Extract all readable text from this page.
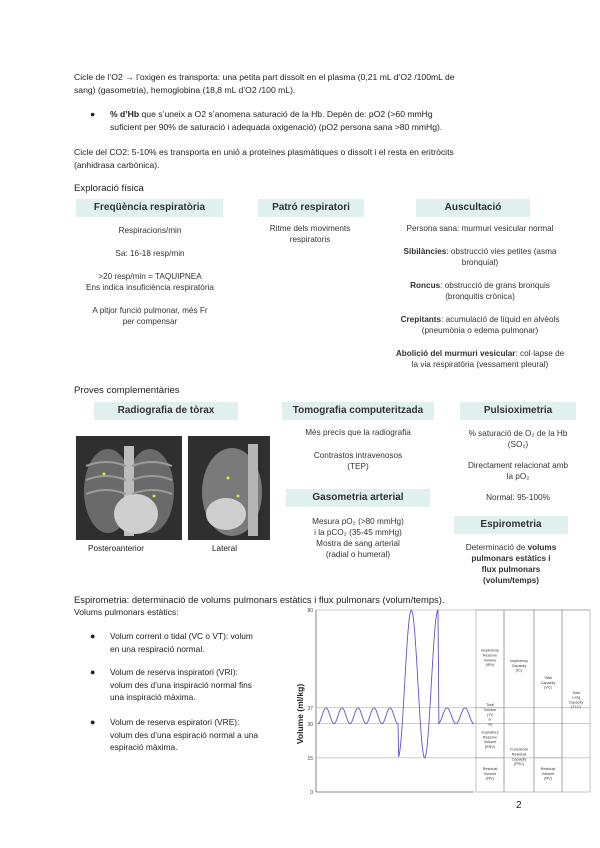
Cicle de l’O2 → l’oxigen es transporta: una petita part dissolt en el plasma (0,21 mL d’O2 /100mL de
sang) (gasometria), hemoglobina (18,8 mL d’O2 /100 mL).
●	% d’Hb que s’uneix a O2 s’anomena saturació de la Hb. Depèn de: pO2 (>60 mmHg
suficient per 90% de saturació i adequada oxigenació) (pO2 persona sana >80 mmHg).
Cicle del CO2: 5-10% es transporta en unió a proteïnes plasmàtiques o dissolt i el resta en eritròcits
(anhidrasa carbònica).
Exploració física
Freqüència respiratòria
Respiracions/min
Sa: 16-18 resp/min
>20 resp/min = TAQUIPNEA
Ens indica insuficiència respiratòria
A pitjor funció pulmonar, més Fr
per compensar
Patró respiratori
Ritme dels moviments
respiratoris
Auscultació
Persona sana: murmuri vesicular normal
Sibilàncies: obstrucció vies petites (asma
bronquial)
Roncus: obstrucció de grans bronquis
(bronquitis crònica)
Crepitants: acumulació de líquid en alvèols
(pneumònia o edema pulmonar)
Abolició del murmuri vesicular: col·lapse de
la via respiratòria (vessament pleural)
Proves complementàries
Radiografia de tòrax
Posteroanterior	Lateral
Tomografia computeritzada
Més precís que la radiografia
Contrastos intravenosos
(TEP)
Gasometria arterial
Mesura pO₂ (>80 mmHg)
i la pCO₂ (35-45 mmHg)
Mostra de sang arterial
(radial o humeral)
Pulsioximetria
% saturació de O₂ de la Hb
(SO₂)
Directament relacionat amb
la pO₂
Normal: 95-100%
Espirometria
Determinació de volums
pulmonars estàtics i
flux pulmonars
(volum/temps)
Espirometria: determinació de volums pulmonars estàtics i flux pulmonars (volum/temps).
Volums pulmonars estàtics:
● Volum corrent o tidal (VC o VT): volum
en una respiració normal.
● Volum de reserva inspiratori (VRI):
volum des d’una inspiració normal fins
una inspiració màxima.
● Volum de reserva espiratori (VRE):
volum des d’una espiració normal a una
espiració màxima.
Volume (ml/kg)
80
37
30
15
0
Inspiratory Reserve Volume (IRV)
Tidal Volume (TV or Vt)
Expiratory Reserve Volume (ERV)
Residual Volume (RV)
Inspiratory Capacity (IC)
Functional Residual Capacity (FRC)
Vital Capacity (VC)
Residual Volume (RV)
Total Lung Capacity (TLC)
2
